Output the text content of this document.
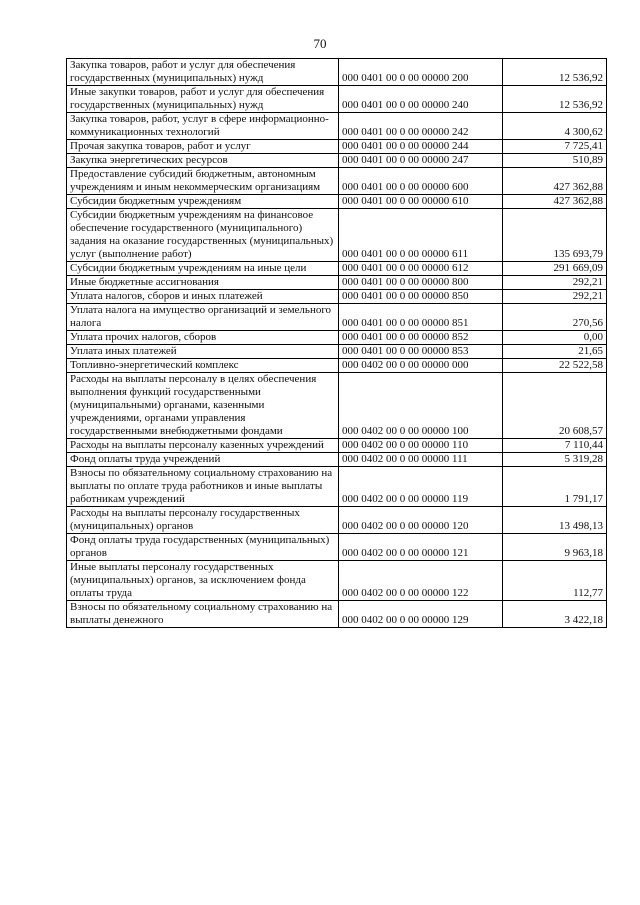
70
Закупка товаров, работ и услуг для обеспечения государственных (муниципальных) нужд	000 0401 00 0 00 00000 200	12 536,92
Иные закупки товаров, работ и услуг для обеспечения государственных (муниципальных) нужд	000 0401 00 0 00 00000 240	12 536,92
Закупка товаров, работ, услуг в сфере информационно-коммуникационных технологий	000 0401 00 0 00 00000 242	4 300,62
Прочая закупка товаров, работ и услуг	000 0401 00 0 00 00000 244	7 725,41
Закупка энергетических ресурсов	000 0401 00 0 00 00000 247	510,89
Предоставление субсидий бюджетным, автономным учреждениям и иным некоммерческим организациям	000 0401 00 0 00 00000 600	427 362,88
Субсидии бюджетным учреждениям	000 0401 00 0 00 00000 610	427 362,88
Субсидии бюджетным учреждениям на финансовое обеспечение государственного (муниципального) задания на оказание государственных (муниципальных) услуг (выполнение работ)	000 0401 00 0 00 00000 611	135 693,79
Субсидии бюджетным учреждениям на иные цели	000 0401 00 0 00 00000 612	291 669,09
Иные бюджетные ассигнования	000 0401 00 0 00 00000 800	292,21
Уплата налогов, сборов и иных платежей	000 0401 00 0 00 00000 850	292,21
Уплата налога на имущество организаций и земельного налога	000 0401 00 0 00 00000 851	270,56
Уплата прочих налогов, сборов	000 0401 00 0 00 00000 852	0,00
Уплата иных платежей	000 0401 00 0 00 00000 853	21,65
Топливно-энергетический комплекс	000 0402 00 0 00 00000 000	22 522,58
Расходы на выплаты персоналу в целях обеспечения выполнения функций государственными (муниципальными) органами, казенными учреждениями, органами управления государственными внебюджетными фондами	000 0402 00 0 00 00000 100	20 608,57
Расходы на выплаты персоналу казенных учреждений	000 0402 00 0 00 00000 110	7 110,44
Фонд оплаты труда учреждений	000 0402 00 0 00 00000 111	5 319,28
Взносы по обязательному социальному страхованию на выплаты по оплате труда работников и иные выплаты работникам учреждений	000 0402 00 0 00 00000 119	1 791,17
Расходы на выплаты персоналу государственных (муниципальных) органов	000 0402 00 0 00 00000 120	13 498,13
Фонд оплаты труда государственных (муниципальных) органов	000 0402 00 0 00 00000 121	9 963,18
Иные выплаты персоналу государственных (муниципальных) органов, за исключением фонда оплаты труда	000 0402 00 0 00 00000 122	112,77
Взносы по обязательному социальному страхованию на выплаты денежного	000 0402 00 0 00 00000 129	3 422,18
